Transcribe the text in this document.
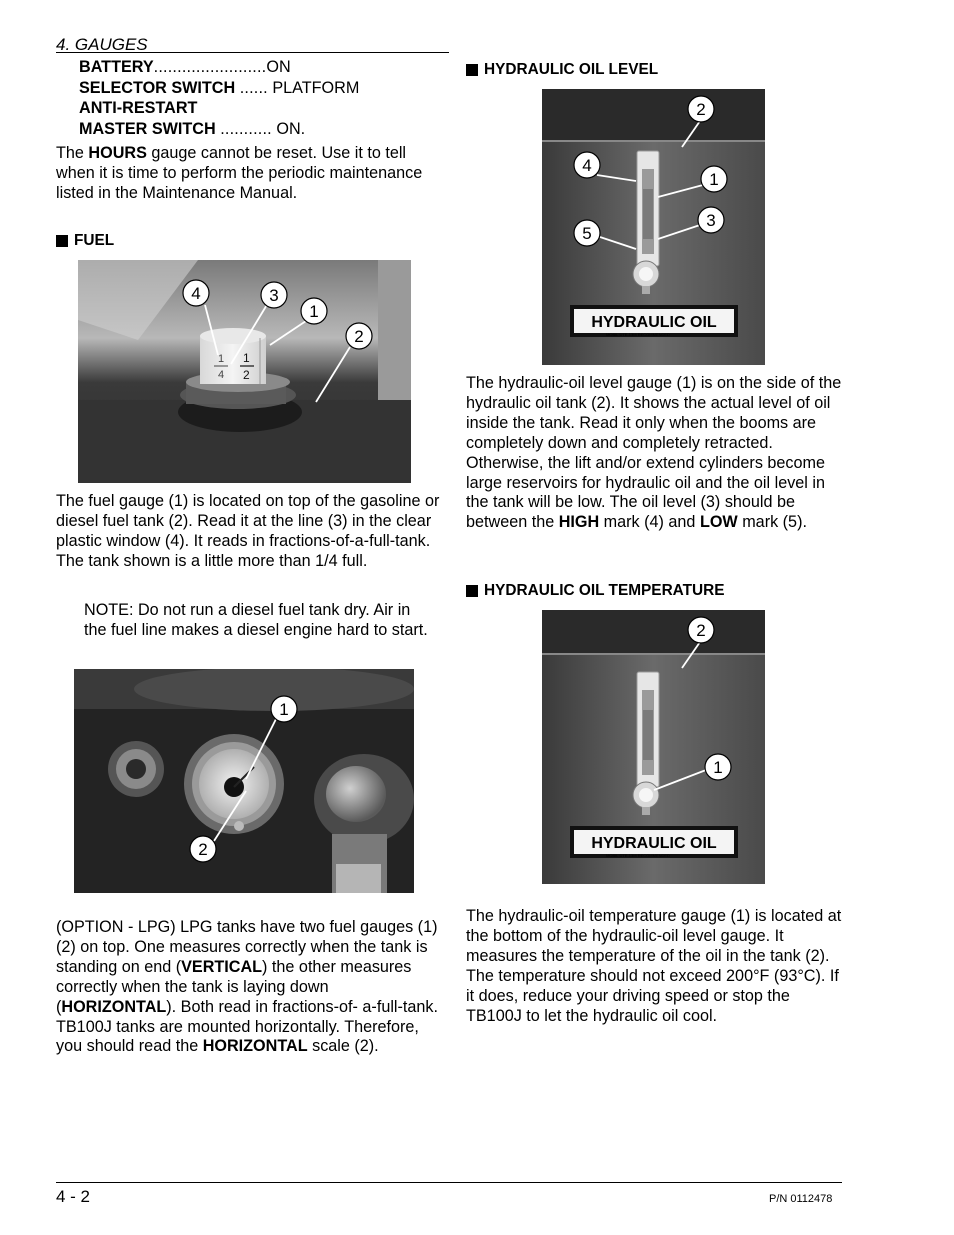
4. GAUGES
BATTERY ........................ ON
SELECTOR SWITCH
......
PLATFORM
ANTI-RESTART
MASTER SWITCH
...........
ON.
The HOURS gauge cannot be reset. Use it to tell when it is time to perform the periodic maintenance listed in the Maintenance Manual.
FUEL
1
4
1
2
4	3
1
2
The fuel gauge (1) is located on top of the gasoline or diesel fuel tank (2). Read it at the line (3) in the clear plastic window (4). It reads in fractions-of-a-full-tank. The tank shown is a little more than 1/4 full.
NOTE: Do not run a diesel fuel tank dry. Air in the fuel line makes a diesel engine hard to start.
1
2
(OPTION - LPG) LPG tanks have two fuel gauges (1) (2) on top. One measures correctly when the tank is standing on end (VERTICAL) the other measures correctly when the tank is laying down (HORIZONTAL). Both read in fractions-of- a-full-tank. TB100J tanks are mounted horizontally. Therefore, you should read the HORIZONTAL scale (2).
HYDRAULIC OIL LEVEL
HYDRAULIC OIL
MOBIL DTE-13M RECOMMENDED
2
4
1
3
5
The hydraulic-oil level gauge (1) is on the side of the hydraulic oil tank (2). It shows the actual level of oil inside the tank. Read it only when the booms are completely down and completely retracted. Otherwise, the lift and/or extend cylinders become large reservoirs for hydraulic oil and the oil level in the tank will be low. The oil level (3) should be between the HIGH mark (4) and LOW mark (5).
HYDRAULIC OIL TEMPERATURE
HYDRAULIC OIL
MOBIL DTE-13M RECOMMENDED
2
1
The hydraulic-oil temperature gauge (1) is located at the bottom of the hydraulic-oil level gauge. It measures the temperature of the oil in the tank (2). The temperature should not exceed 200°F (93°C). If it does, reduce your driving speed or stop the TB100J to let the hydraulic oil cool.
4 - 2	P/N 0112478
